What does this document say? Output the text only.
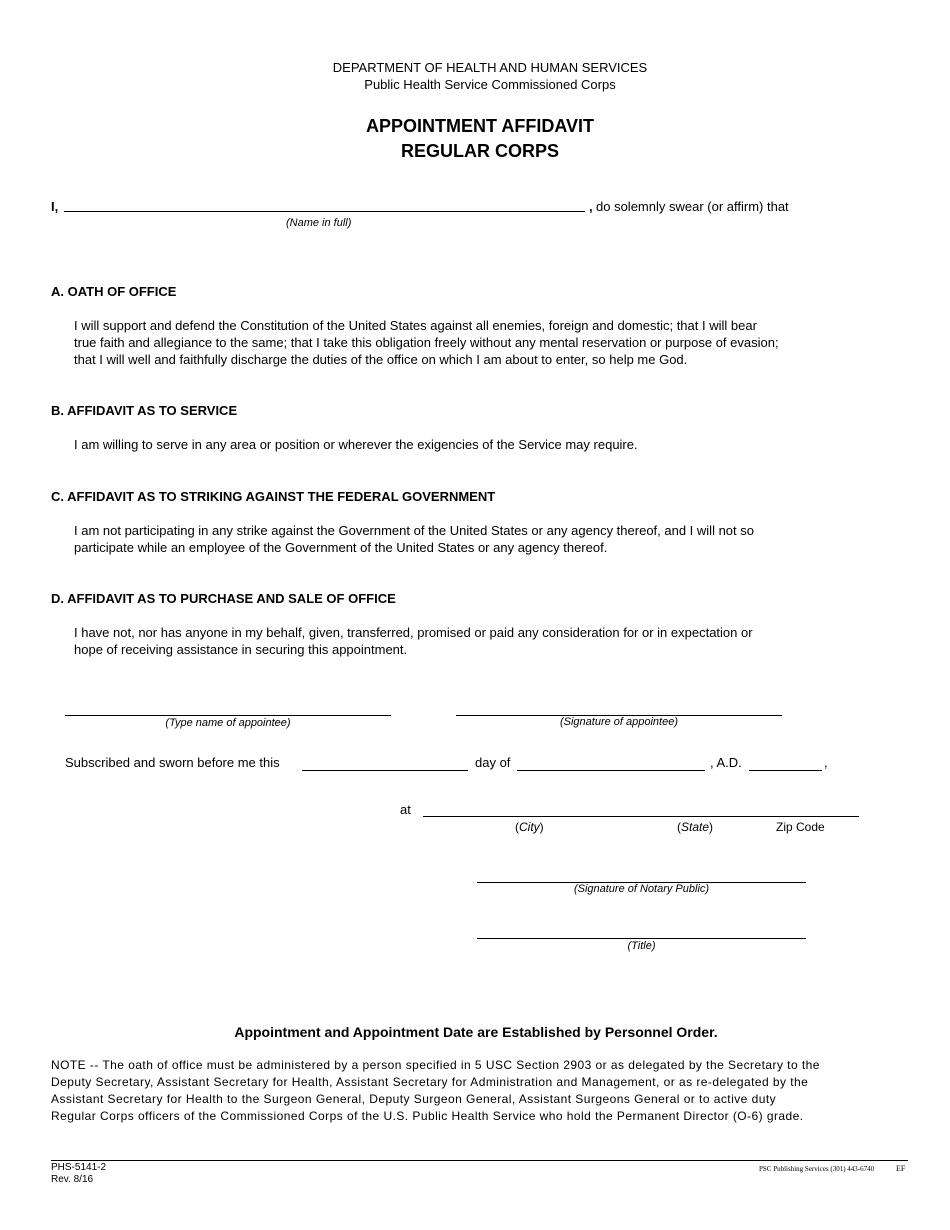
DEPARTMENT OF HEALTH AND HUMAN SERVICES
Public Health Service Commissioned Corps
APPOINTMENT AFFIDAVIT
REGULAR CORPS
I,	, do solemnly swear (or affirm) that
(Name in full)
A. OATH OF OFFICE
I will support and defend the Constitution of the United States against all enemies, foreign and domestic; that I will bear
true faith and allegiance to the same; that I take this obligation freely without any mental reservation or purpose of evasion;
that I will well and faithfully discharge the duties of the office on which I am about to enter, so help me God.
B. AFFIDAVIT AS TO SERVICE
I am willing to serve in any area or position or wherever the exigencies of the Service may require.
C. AFFIDAVIT AS TO STRIKING AGAINST THE FEDERAL GOVERNMENT
I am not participating in any strike against the Government of the United States or any agency thereof, and I will not so
participate while an employee of the Government of the United States or any agency thereof.
D. AFFIDAVIT AS TO PURCHASE AND SALE OF OFFICE
I have not, nor has anyone in my behalf, given, transferred, promised or paid any consideration for or in expectation or
hope of receiving assistance in securing this appointment.
(Type name of appointee)	(Signature of appointee)
Subscribed and sworn before me this	day of	, A.D.	,
at
(City)	(State)	Zip Code
(Signature of Notary Public)
(Title)
Appointment and Appointment Date are Established by Personnel Order.
NOTE -- The oath of office must be administered by a person specified in 5 USC Section 2903 or as delegated by the Secretary to the
Deputy Secretary, Assistant Secretary for Health, Assistant Secretary for Administration and Management, or as re-delegated by the
Assistant Secretary for Health to the Surgeon General, Deputy Surgeon General, Assistant Surgeons General or to active duty
Regular Corps officers of the Commissioned Corps of the U.S. Public Health Service who hold the Permanent Director (O-6) grade.
PHS-5141-2
Rev. 8/16
PSC Publishing Services (301) 443-6740	EF
